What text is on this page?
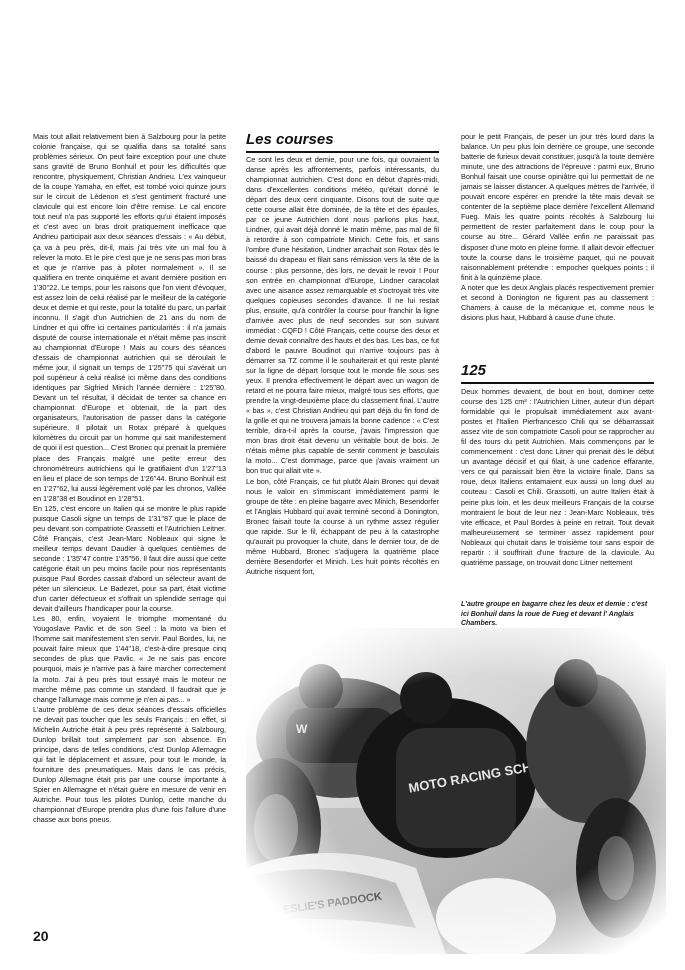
Mais tout allait relativement bien à Salzbourg pour la petite colonie française, qui se qualifia dans sa totalité sans problèmes sérieux. On peut faire exception pour une chute sans gravité de Bruno Bonhuil et pour les difficultés que rencontre, physiquement, Christian Andrieu. L'ex vainqueur de la coupe Yamaha, en effet, est tombé voici quinze jours sur le circuit de Lédenon et s'est gentiment fracturé une clavicule qui est encore loin d'être remise. Le cal encore tout neuf n'a pas supporté les efforts qu'ui étaient imposés et c'est avec un bras droit pratiquement inefficace que Andrieu participait aux deux séances d'essais : « Au début, ça va à peu près, dit-il, mais j'ai très vite un mal fou à relever la moto. Et le pire c'est que je ne sens pas mon bras et que je n'arrive pas à piloter normalement ». Il se qualifiera en trente cinquième et avant dernière position en 1'30''22. Le temps, pour les raisons que l'on vient d'évoquer, est assez loin de celui réalisé par le meilleur de la catégorie deux et demie et qui reste, pour la totalité du parc, un parfait inconnu. Il s'agit d'un Autrichien de 21 ans du nom de Lindner et qui offre ici certaines particularités : il n'a jamais disputé de course internationale et n'était même pas inscrit au championnat d'Europe ! Mais au cours des séances d'essais de championnat autrichien qui se déroulait le même jour, il signait un temps de 1'25''75 qui s'avérait un poil supérieur à celui réalisé ici même dans des conditions identiques par Sigfried Minich l'année dernière : 1'25''80. Devant un tel résultat, il décidait de tenter sa chance en championnat d'Europe et obtenait, de la part des organisateurs, l'autorisation de passer dans la catégorie supérieure. Il pilotait un Rotax préparé à quelques kilomètres du circuit par un homme qui sait manifestement de quoi il est question... C'est Bronec qui prenait la première place des Français malgré une petite erreur des chronométreurs autrichiens qui le gratifiaient d'un 1'27''13 en lieu et place de son temps de 1'26''44. Bruno Bonhuil est en 1'27''62, lui aussi légèrement volé par les chronos, Vallée en 1'28''38 et Boudinot en 1'28''51.

En 125, c'est encore un Italien qui se montre le plus rapide puisque Casoli signe un temps de 1'31''87 que le place de peu devant son compatriote Grassetti et l'Autrichien Leitner. Côté Français, c'est Jean-Marc Nobleaux qui signe le meilleur temps devant Daudier à quelques centièmes de seconde : 1'35''47 contre 1'35''56. Il faut dire aussi que cette catégorie était un peu moins facile pour nos représentants puisque Paul Bordes cassait d'abord un sélecteur avant de péter un silencieux. Le Badezet, pour sa part, était victime d'un carter défectueux et s'offrait un splendide serrage qui devait d'ailleurs l'handicaper pour la course.

Les 80, enfin, voyaient le triomphe momentané du Yougoslave Pavlic et de son Seel : la moto va bien et l'homme sait manifestement s'en servir. Paul Bordes, lui, ne pouvait faire mieux que 1'44''18, c'est-à-dire presque cinq secondes de plus que Pavlic. « Je ne sais pas encore pourquoi, mais je n'arrive pas à faire marcher correctement la moto. J'ai à peu près tout essayé mais le moteur ne marche même pas comme un standard. Il faudrait que je change l'allumage mais comme je n'en ai pas... »

L'autre problème de ces deux séances d'essais officielles ne devait pas toucher que les seuls Français : en effet, si Michelin Autriche était à peu près représenté à Salzbourg, Dunlop brillait tout simplement par son absence. En principe, dans de telles conditions, c'est Dunlop Allemagne qui fait le déplacement et assure, pour tout le monde, la fourniture des pneumatiques. Mais dans le cas précis, Dunlop Allemagne était pris par une course importante à Spier en Allemagne et n'était guère en mesure de venir en Autriche. Pour tous les pilotes Dunlop, cette manche du championnat d'Europe prendra plus d'une fois l'allure d'une chasse aux bons pneus.

Les courses

Ce sont les deux et demie, pour une fois, qui ouvraient la danse après les affrontements, parfois intéressants, du championnat autrichien. C'est donc en début d'après-midi, dans d'excellentes conditions météo, qu'était donné le départ des deux cent cinquante. Disons tout de suite que cette course allait être dominée, de la tête et des épaules, par ce jeune Autrichien dont nous parlions plus haut, Lindner, qui avait déjà donné le matin même, pas mal de fil à retordre à son compatriote Minich. Cette fois, et sans l'ombre d'une hésitation, Lindner arrachait son Rotax dès le baissé du drapeau et filait sans rémission vers la tête de la course : plus personne, dès lors, ne devait le revoir ! Pour son entrée en championnat d'Europe, Lindner caracolait avec une aisance assez remarquable et s'octroyait très vite quelques copieuses secondes d'avance. Il ne lui restait plus, ensuite, qu'à contrôler la course pour franchir la ligne d'arrivée avec plus de neuf secondes sur son suivant immédiat : CQFD ! Côté Français, cette course des deux et demie devait connaître des hauts et des bas. Les bas, ce fut d'abord le pauvre Boudinot qui n'arrive toujours pas à démarrer sa TZ comme il le souhaiterait et qui reste planté sur la ligne de départ lorsque tout le monde file sous ses yeux. Il prendra effectivement le départ avec un wagon de retard et ne pourra faire mieux, malgré tous ses efforts, que prendre la vingt-deuxième place du classement final. L'autre « bas », c'est Christian Andrieu qui part déjà du fin fond de la grille et qui ne trouvera jamais la bonne cadence : « C'est terrible, dira-t-il après la course, j'avais l'impression que mon bras droit était devenu un véritable bout de bois. Je n'étais même plus capable de sentir comment je basculais la moto... C'est dommage, parce que j'avais vraiment un bon truc qui allait vite ».

Le bon, côté Français, ce fut plutôt Alain Bronec qui devait nous le valoir en s'immiscant immédiatement parmi le groupe de tête : en pleine bagarre avec Minich, Besendorfer et l'Anglais Hubbard qui avait terminé second à Donington, Bronec faisait toute la course à un rythme assez régulier que rapide. Sur le fil, échappant de peu à la catastrophe qu'aurait pu provoquer la chute, dans le dernier tour, de de même Hubbard, Bronec s'adjugera la quatrième place derrière Besendorfer et Minich. Les huit points récoltés en Autriche risquent fort,

pour le petit Français, de peser un jour très lourd dans la balance. Un peu plus loin derrière ce groupe, une seconde batterie de furieux devait constituer, jusqu'à la toute dernière minute, une des attractions de l'épreuve : parmi eux, Bruno Bonhuil faisait une course opiniâtre qui lui permettait de ne jamais se laisser distancer. A quelques mètres de l'arrivée, il pouvait encore espérer en prendre la tête mais devait se contenter de la septième place derrière l'excellent Allemand Fueg. Mais les quatre points récoltés à Salzbourg lui permettent de rester parfaitement dans le coup pour la course au titre... Gérard Vallée enfin ne paraissait pas disposer d'une moto en pleine forme. Il allait devoir effectuer toute la course dans le troisième paquet, qui ne pouvait raisonnablement prétendre : empocher quelques points ; il finit à la quinzième place.

A noter que les deux Anglais placés respectivement premier et second à Donington ne figurent pas au classement : Chamers à cause de la mécanique et, comme nous le disions plus haut, Hubbard à cause d'une chute.

125

Deux hommes devaient, de bout en bout, dominer cette course des 125 cm³ : l'Autrichien Litner, auteur d'un départ formidable qui le propulsait immédiatement aux avant-postes et l'Italien Pierfrancesco Chili qui se débarrassait assez vite de son compatriote Casoli pour se rapprocher au fil des tours du petit Autrichien. Mais commençons par le commencement : c'est donc Litner qui prenait dès le début un avantage décisif et qui filait, à une cadence effarante, vers ce qui paraissait bien être la victoire finale. Dans sa roue, deux Italiens entamaient eux aussi un long duel au couteau : Casoli et Chili. Grassotti, un autre Italien était à peine plus loin, et les deux meilleurs Français de la course montraient le bout de leur nez : Jean-Marc Nobleaux, très vite efficace, et Paul Bordes à peine en retrait. Tout devait malheureusement se terminer assez rapidement pour Nobleaux qui chutait dans le troisième tour sans espoir de repartir : il souffrirait d'une fracture de la clavicule. Au quatrième passage, on trouvait donc Litner nettement

L'autre groupe en bagarre chez les deux et demie : c'est ici Bonhuil dans la roue de Fueg et devant l' Anglais Chambers.
20
